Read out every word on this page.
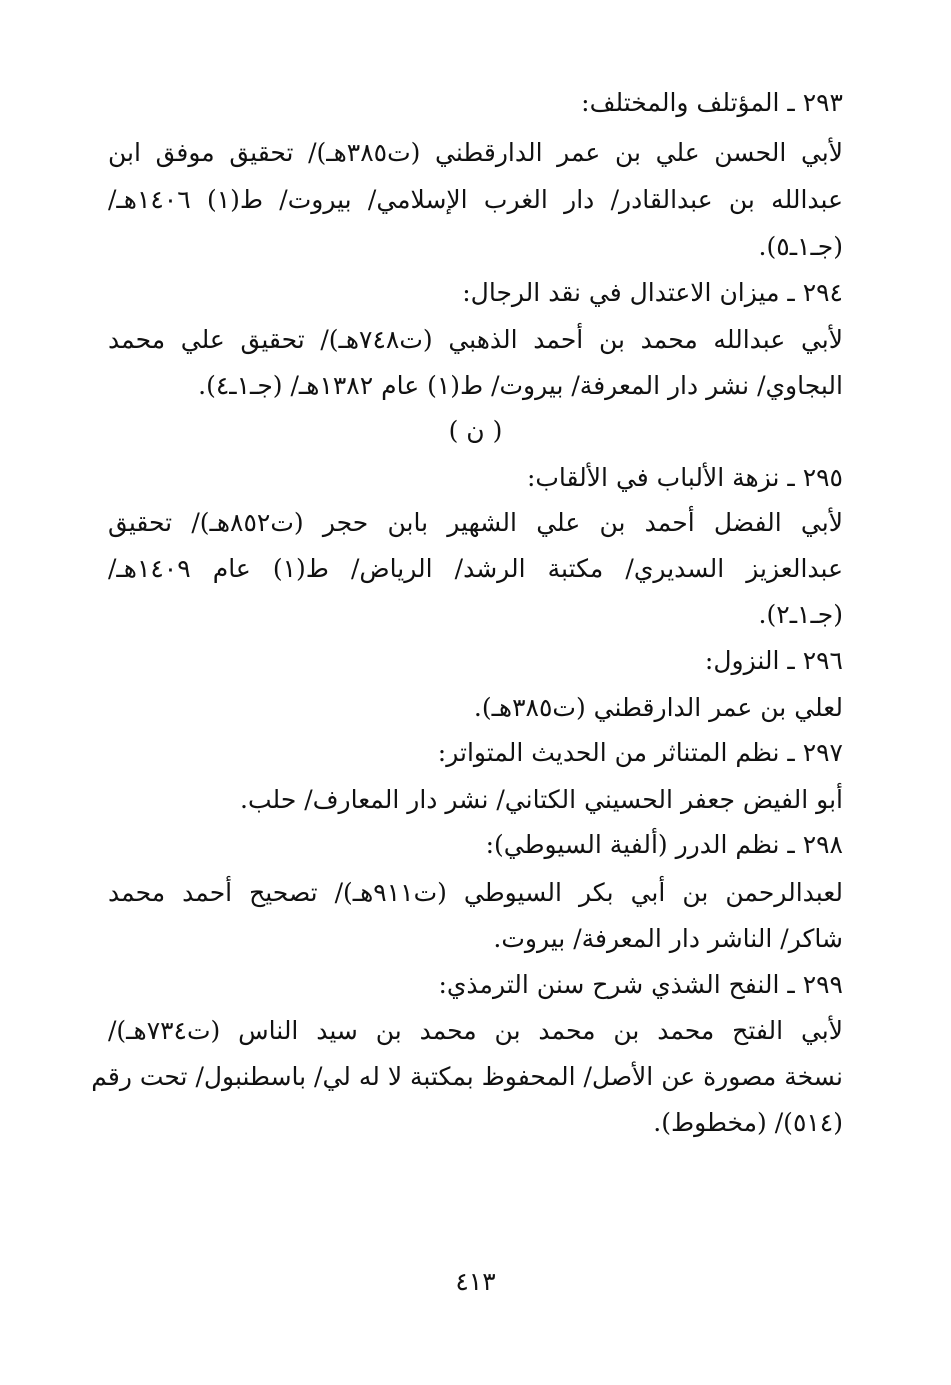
٢٩٣ ـ المؤتلف والمختلف:
لأبي الحسن علي بن عمر الدارقطني (ت٣٨٥هـ)/ تحقيق موفق ابن
عبدالله بن عبدالقادر/ دار الغرب الإسلامي/ بيروت/ ط(١) ١٤٠٦هـ/
(جـ١ـ٥).
٢٩٤ ـ ميزان الاعتدال في نقد الرجال:
لأبي عبدالله محمد بن أحمد الذهبي (ت٧٤٨هـ)/ تحقيق علي محمد
البجاوي/ نشر دار المعرفة/ بيروت/ ط(١) عام ١٣٨٢هـ/ (جـ١ـ٤).
( ن )
٢٩٥ ـ نزهة الألباب في الألقاب:
لأبي الفضل أحمد بن علي الشهير بابن حجر (ت٨٥٢هـ)/ تحقيق
عبدالعزيز السديري/ مكتبة الرشد/ الرياض/ ط(١) عام ١٤٠٩هـ/
(جـ١ـ٢).
٢٩٦ ـ النزول:
لعلي بن عمر الدارقطني (ت٣٨٥هـ).
٢٩٧ ـ نظم المتناثر من الحديث المتواتر:
أبو الفيض جعفر الحسيني الكتاني/ نشر دار المعارف/ حلب.
٢٩٨ ـ نظم الدرر (ألفية السيوطي):
لعبدالرحمن بن أبي بكر السيوطي (ت٩١١هـ)/ تصحيح أحمد محمد
شاكر/ الناشر دار المعرفة/ بيروت.
٢٩٩ ـ النفح الشذي شرح سنن الترمذي:
لأبي الفتح محمد بن محمد بن محمد بن سيد الناس (ت٧٣٤هـ)/
نسخة مصورة عن الأصل/ المحفوظ بمكتبة لا له لي/ باسطنبول/ تحت رقم
(٥١٤)/ (مخطوط).
٤١٣
